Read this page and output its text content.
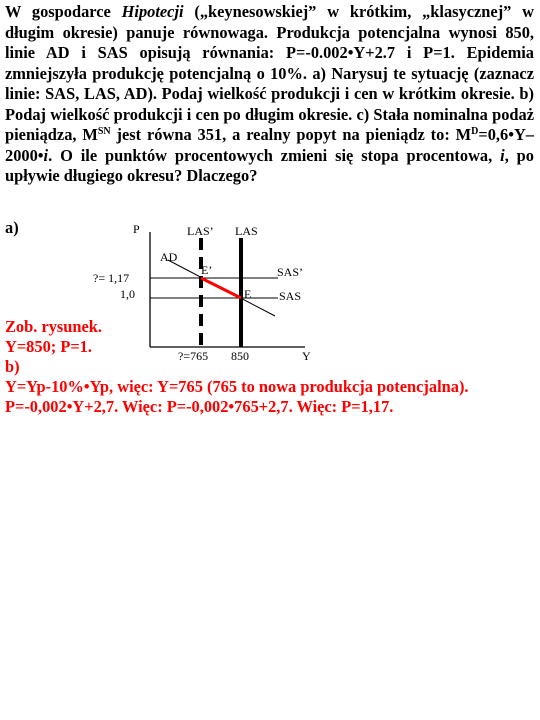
W gospodarce Hipotecji („keynesowskiej” w krótkim, „klasycznej” w długim okresie) panuje równowaga. Produkcja potencjalna wynosi 850, linie AD i SAS opisują równania: P=-0.002•Y+2.7 i P=1. Epidemia zmniejszyła produkcję potencjalną o 10%. a) Narysuj te sytuację (zaznacz linie: SAS, LAS, AD). Podaj wielkość produkcji i cen w krótkim okresie. b) Podaj wielkość produkcji i cen po długim okresie. c) Stała nominalna podaż pieniądza, $M^{SN}$ jest równa 351, a realny popyt na pieniądz to: $M^D=0,6•Y-2000•i$. O ile punktów procentowych zmieni się stopa procentowa, i, po upływie długiego okresu? Dlaczego?
a)	P
Y
LAS’ LAS
AD
SAS’
SAS
E’
E
?= 1,17
1,0
?=765 850
Zob. rysunek.
Y=850; P=1.
b)
Y=Yp-10%•Yp, więc: Y=765 (765 to nowa produkcja potencjalna).
P=-0,002•Y+2,7. Więc: P=-0,002•765+2,7. Więc: P=1,17.
